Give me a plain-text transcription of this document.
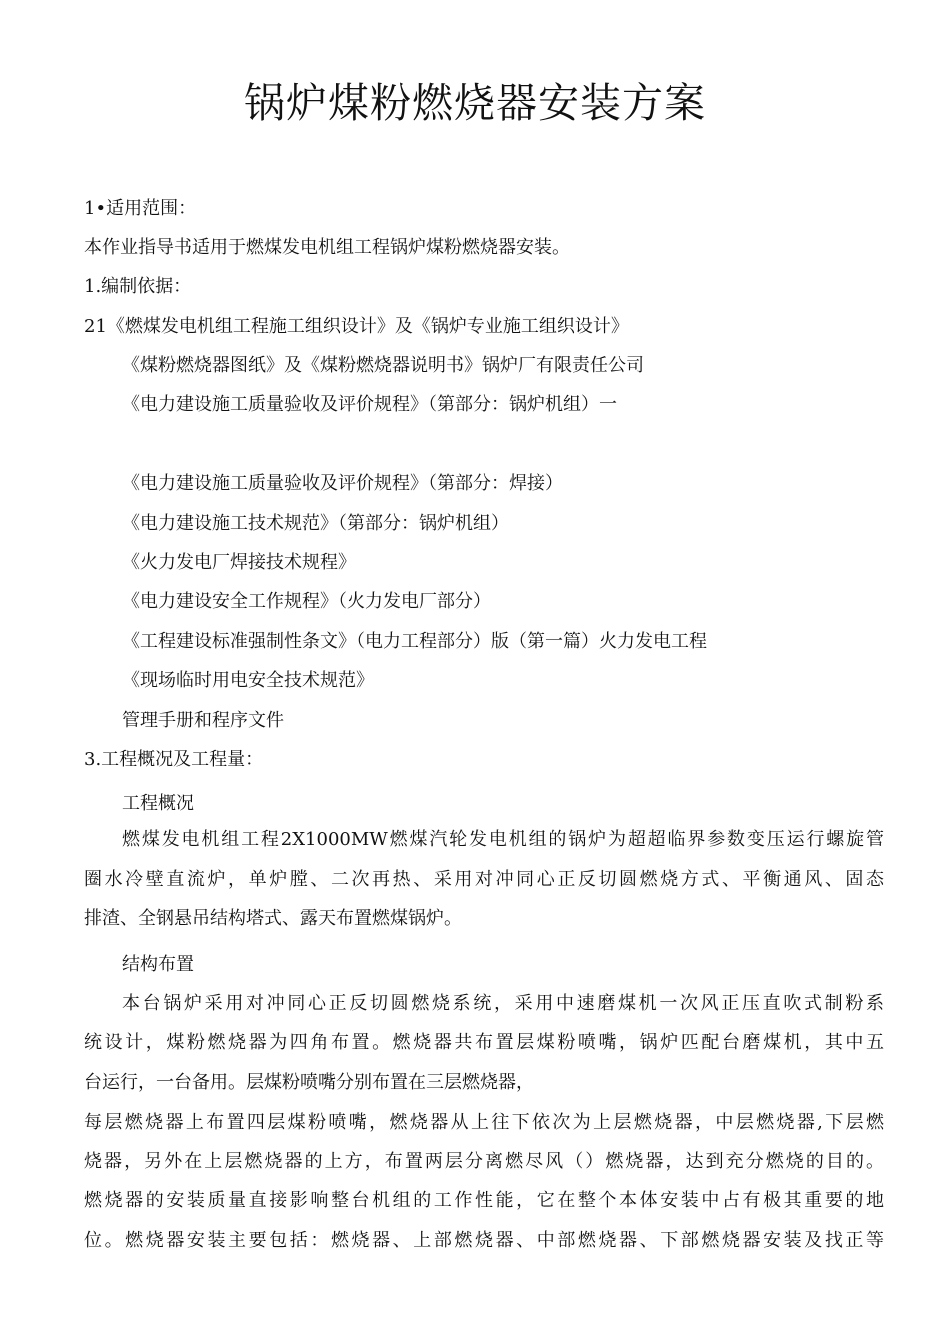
锅炉煤粉燃烧器安装方案

1•适用范围：

本作业指导书适用于燃煤发电机组工程锅炉煤粉燃烧器安装。

1.编制依据：

21《燃煤发电机组工程施工组织设计》及《锅炉专业施工组织设计》

《煤粉燃烧器图纸》及《煤粉燃烧器说明书》锅炉厂有限责任公司

《电力建设施工质量验收及评价规程》（第部分：锅炉机组）一

《电力建设施工质量验收及评价规程》（第部分：焊接）

《电力建设施工技术规范》（第部分：锅炉机组）

《火力发电厂焊接技术规程》

《电力建设安全工作规程》（火力发电厂部分）

《工程建设标准强制性条文》（电力工程部分）版（第一篇）火力发电工程

《现场临时用电安全技术规范》

管理手册和程序文件

3.工程概况及工程量：

工程概况

燃煤发电机组工程2X1000MW燃煤汽轮发电机组的锅炉为超超临界参数变压运行螺旋管

圈水冷壁直流炉，单炉膛、二次再热、采用对冲同心正反切圆燃烧方式、平衡通风、固态

排渣、全钢悬吊结构塔式、露天布置燃煤锅炉。

结构布置

本台锅炉采用对冲同心正反切圆燃烧系统，采用中速磨煤机一次风正压直吹式制粉系

统设计，煤粉燃烧器为四角布置。燃烧器共布置层煤粉喷嘴，锅炉匹配台磨煤机，其中五

台运行，一台备用。层煤粉喷嘴分别布置在三层燃烧器，

每层燃烧器上布置四层煤粉喷嘴，燃烧器从上往下依次为上层燃烧器，中层燃烧器,下层燃

烧器，另外在上层燃烧器的上方，布置两层分离燃尽风（）燃烧器，达到充分燃烧的目的。

燃烧器的安装质量直接影响整台机组的工作性能，它在整个本体安装中占有极其重要的地

位。燃烧器安装主要包括：燃烧器、上部燃烧器、中部燃烧器、下部燃烧器安装及找正等
